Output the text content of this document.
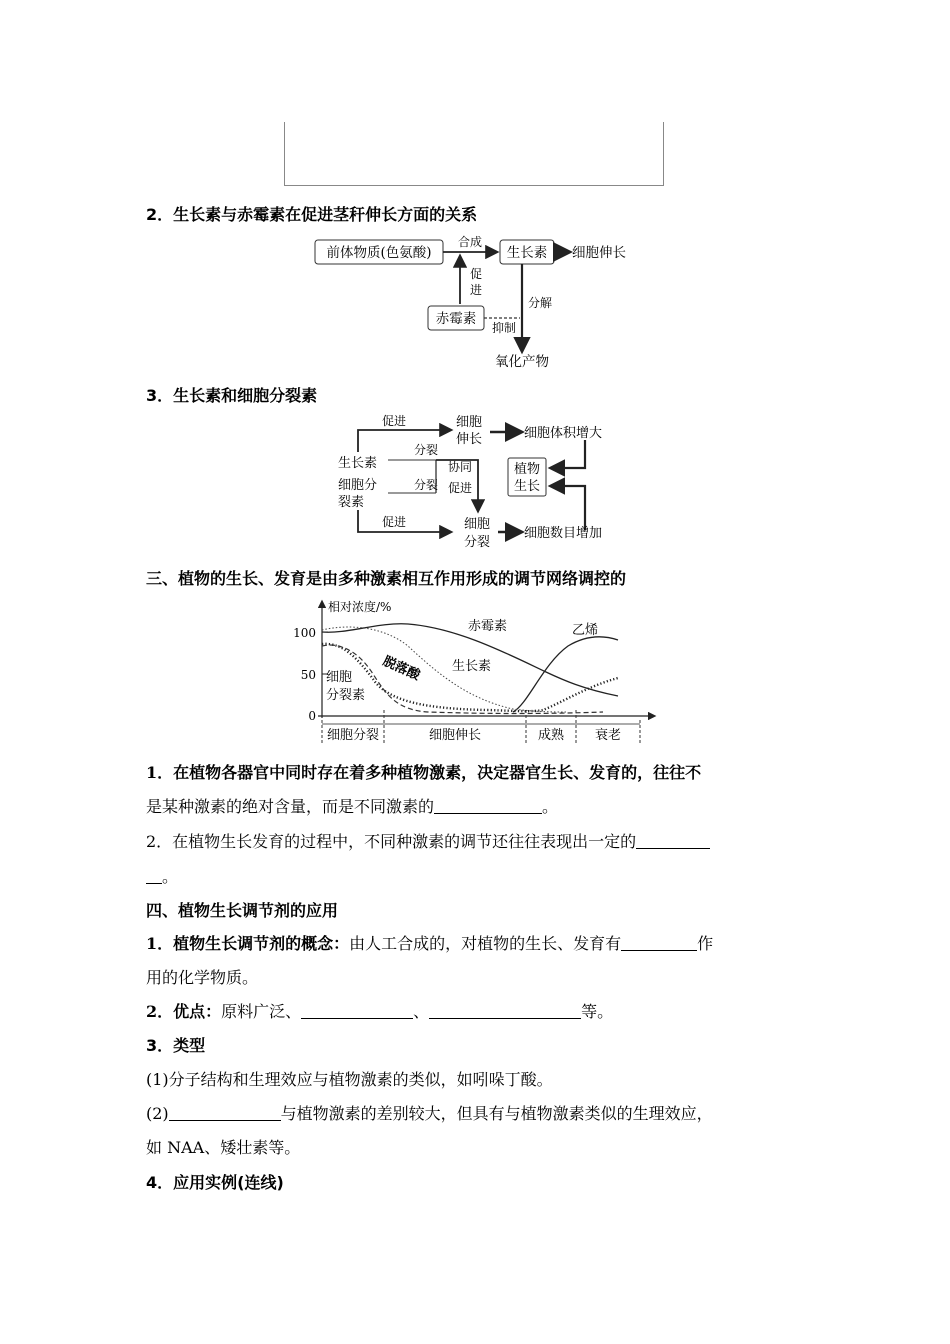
2．生长素与赤霉素在促进茎秆伸长方面的关系
前体物质(色氨酸)
合成
生长素 细胞伸长
促
进
赤霉素
抑制
分解
氧化产物
3．生长素和细胞分裂素
促进	细胞
伸长	细胞体积增大
生长素
分裂
协同
促进
细胞分
裂素
分裂
植物
生长
促进	细胞
分裂
细胞数目增加
三、植物的生长、发育是由多种激素相互作用形成的调节网络调控的
相对浓度/%
100
50
0
赤霉素	乙烯
生长素
脱落酸
细胞
分裂素
细胞分裂	细胞伸长	成熟 衰老
1．在植物各器官中同时存在着多种植物激素，决定器官生长、发育的，往往不
是某种激素的绝对含量，而是不同激素的	。
2．在植物生长发育的过程中，不同种激素的调节还往往表现出一定的
。
四、植物生长调节剂的应用
1．植物生长调节剂的概念：由人工合成的，对植物的生长、发育有	作
用的化学物质。
2．优点：原料广泛、	、	等。
3．类型
(1)分子结构和生理效应与植物激素的类似，如吲哚丁酸。
(2)	与植物激素的差别较大，但具有与植物激素类似的生理效应，
如 NAA、矮壮素等。
4．应用实例(连线)
